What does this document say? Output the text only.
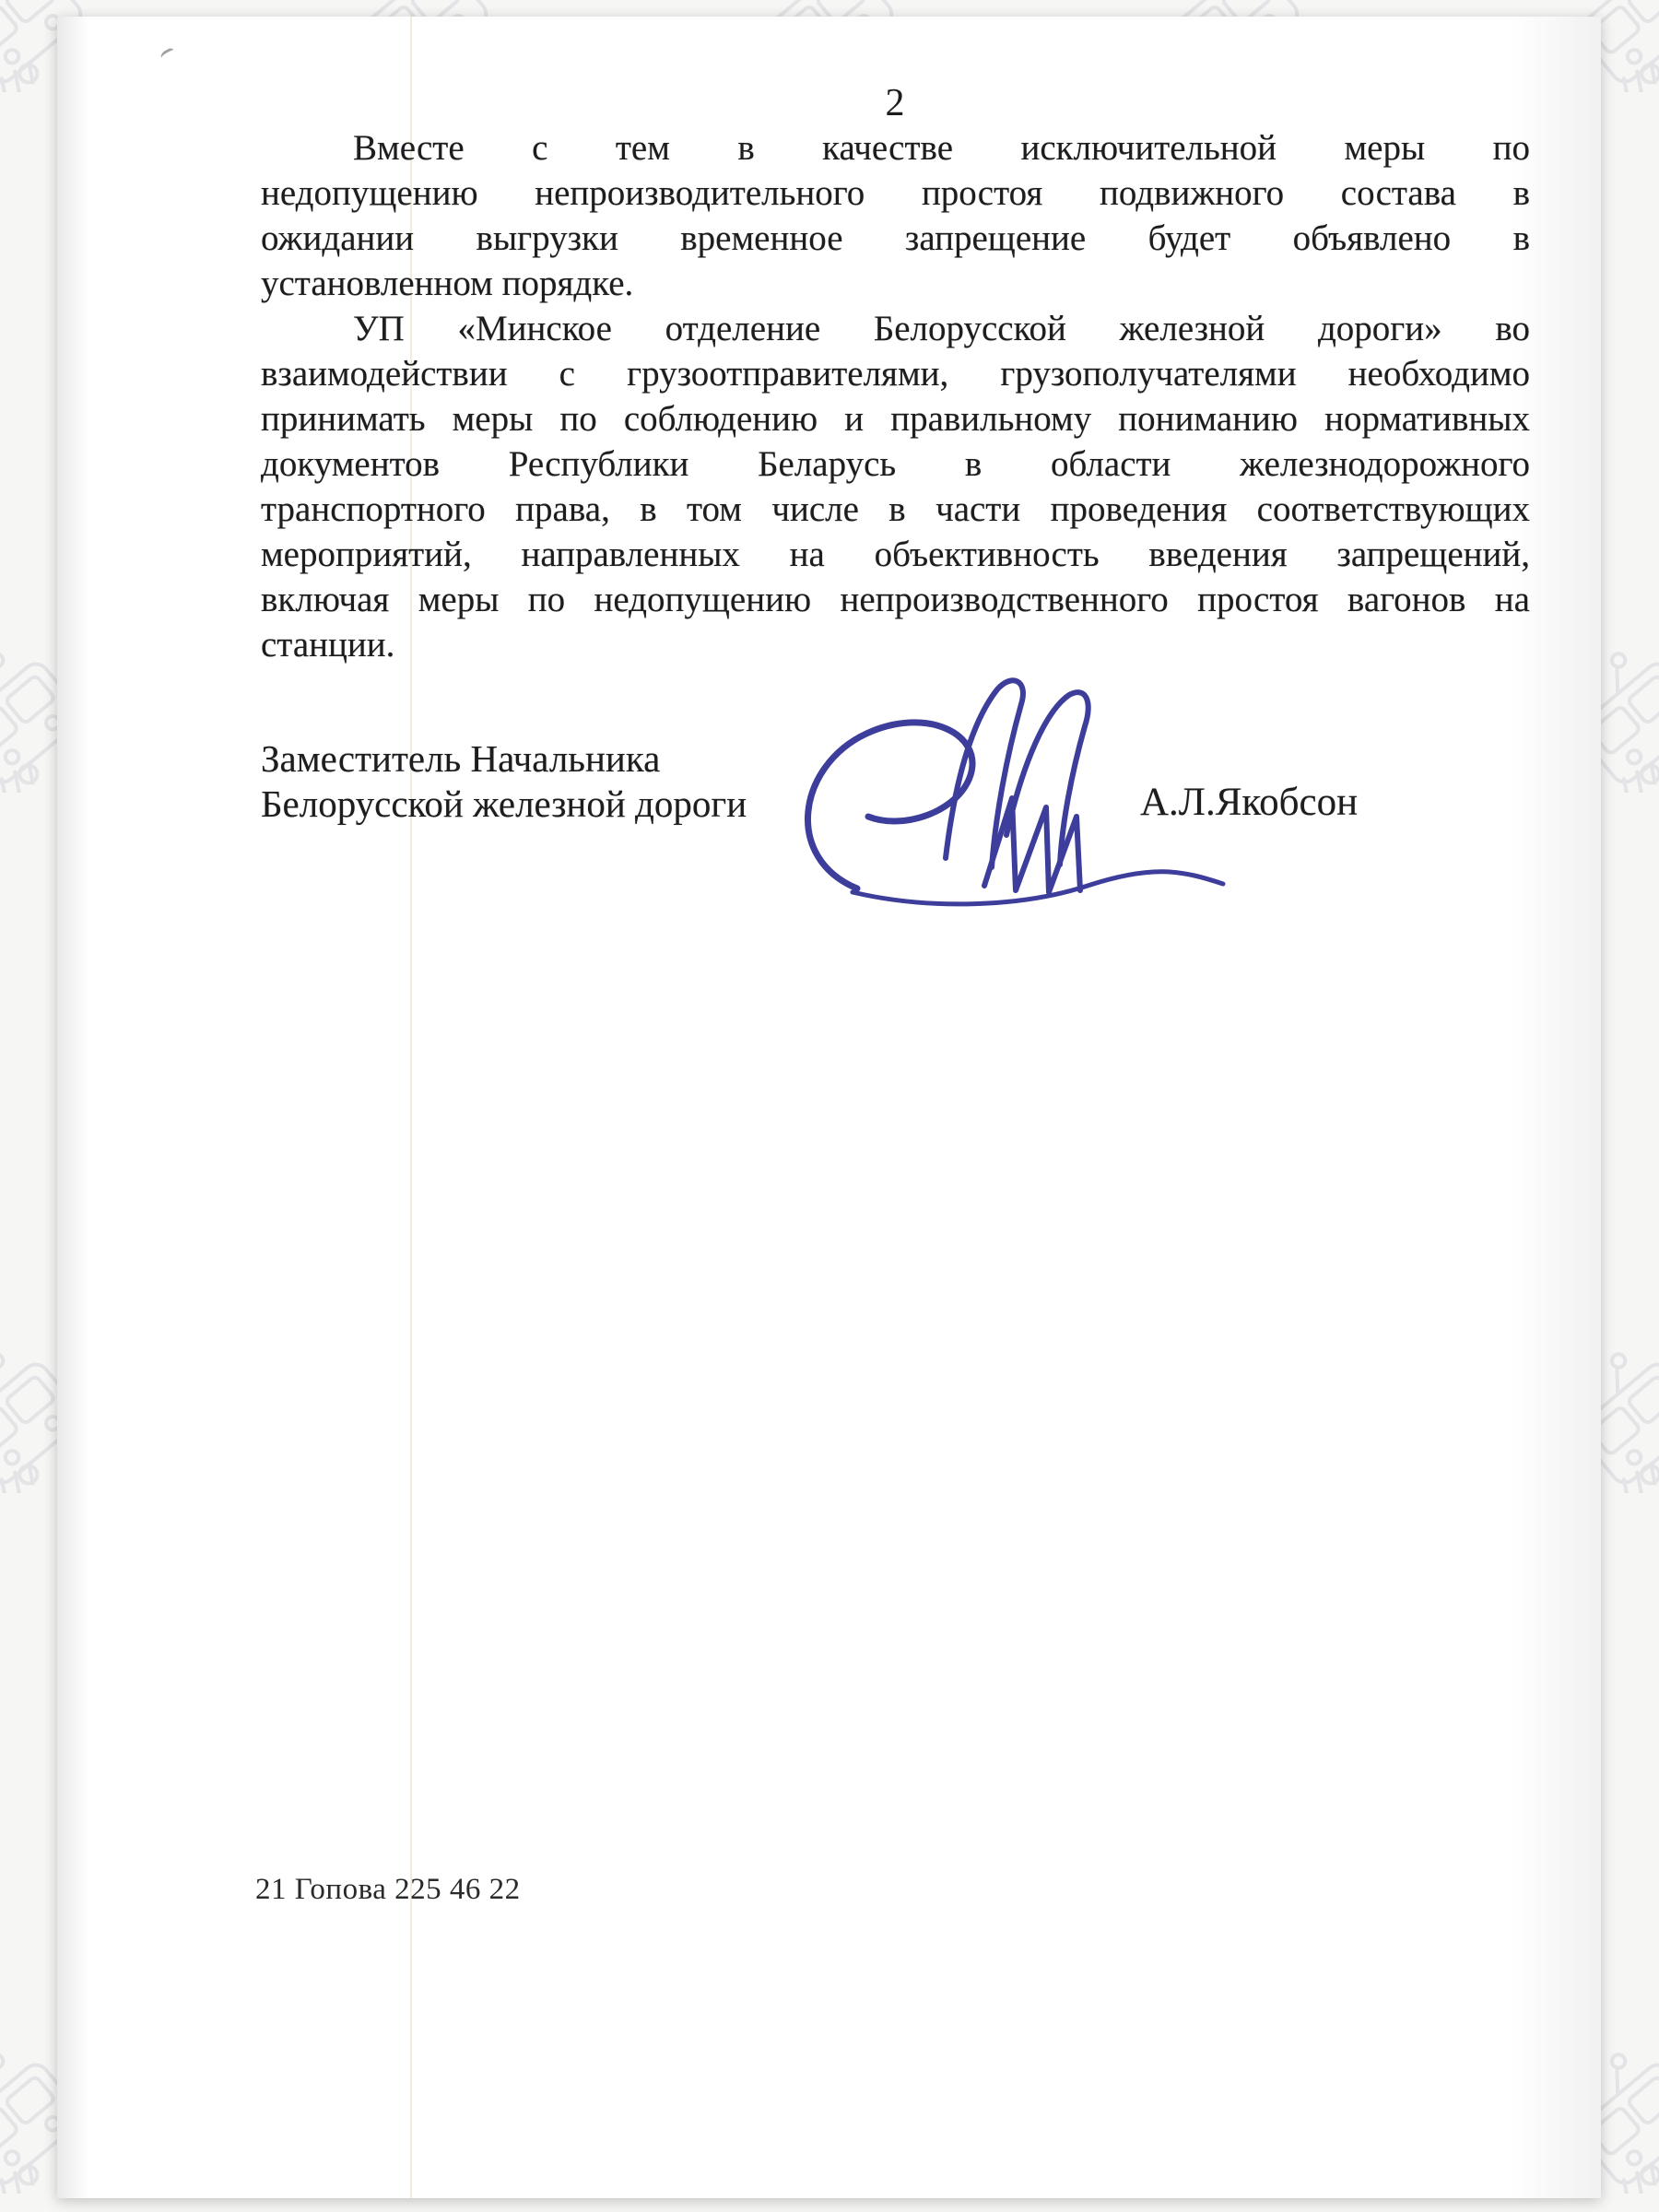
2
Вместе с тем в качестве исключительной меры по
недопущению непроизводительного простоя подвижного состава в
ожидании выгрузки временное запрещение будет объявлено в
установленном порядке.
УП «Минское отделение Белорусской железной дороги» во
взаимодействии с грузоотправителями, грузополучателями необходимо
принимать меры по соблюдению и правильному пониманию нормативных
документов Республики Беларусь в области железнодорожного
транспортного права, в том числе в части проведения соответствующих
мероприятий, направленных на объективность введения запрещений,
включая меры по недопущению непроизводственного простоя вагонов на
станции.
Заместитель Начальника
Белорусской железной дороги	А.Л.Якобсон
21 Гопова 225 46 22
